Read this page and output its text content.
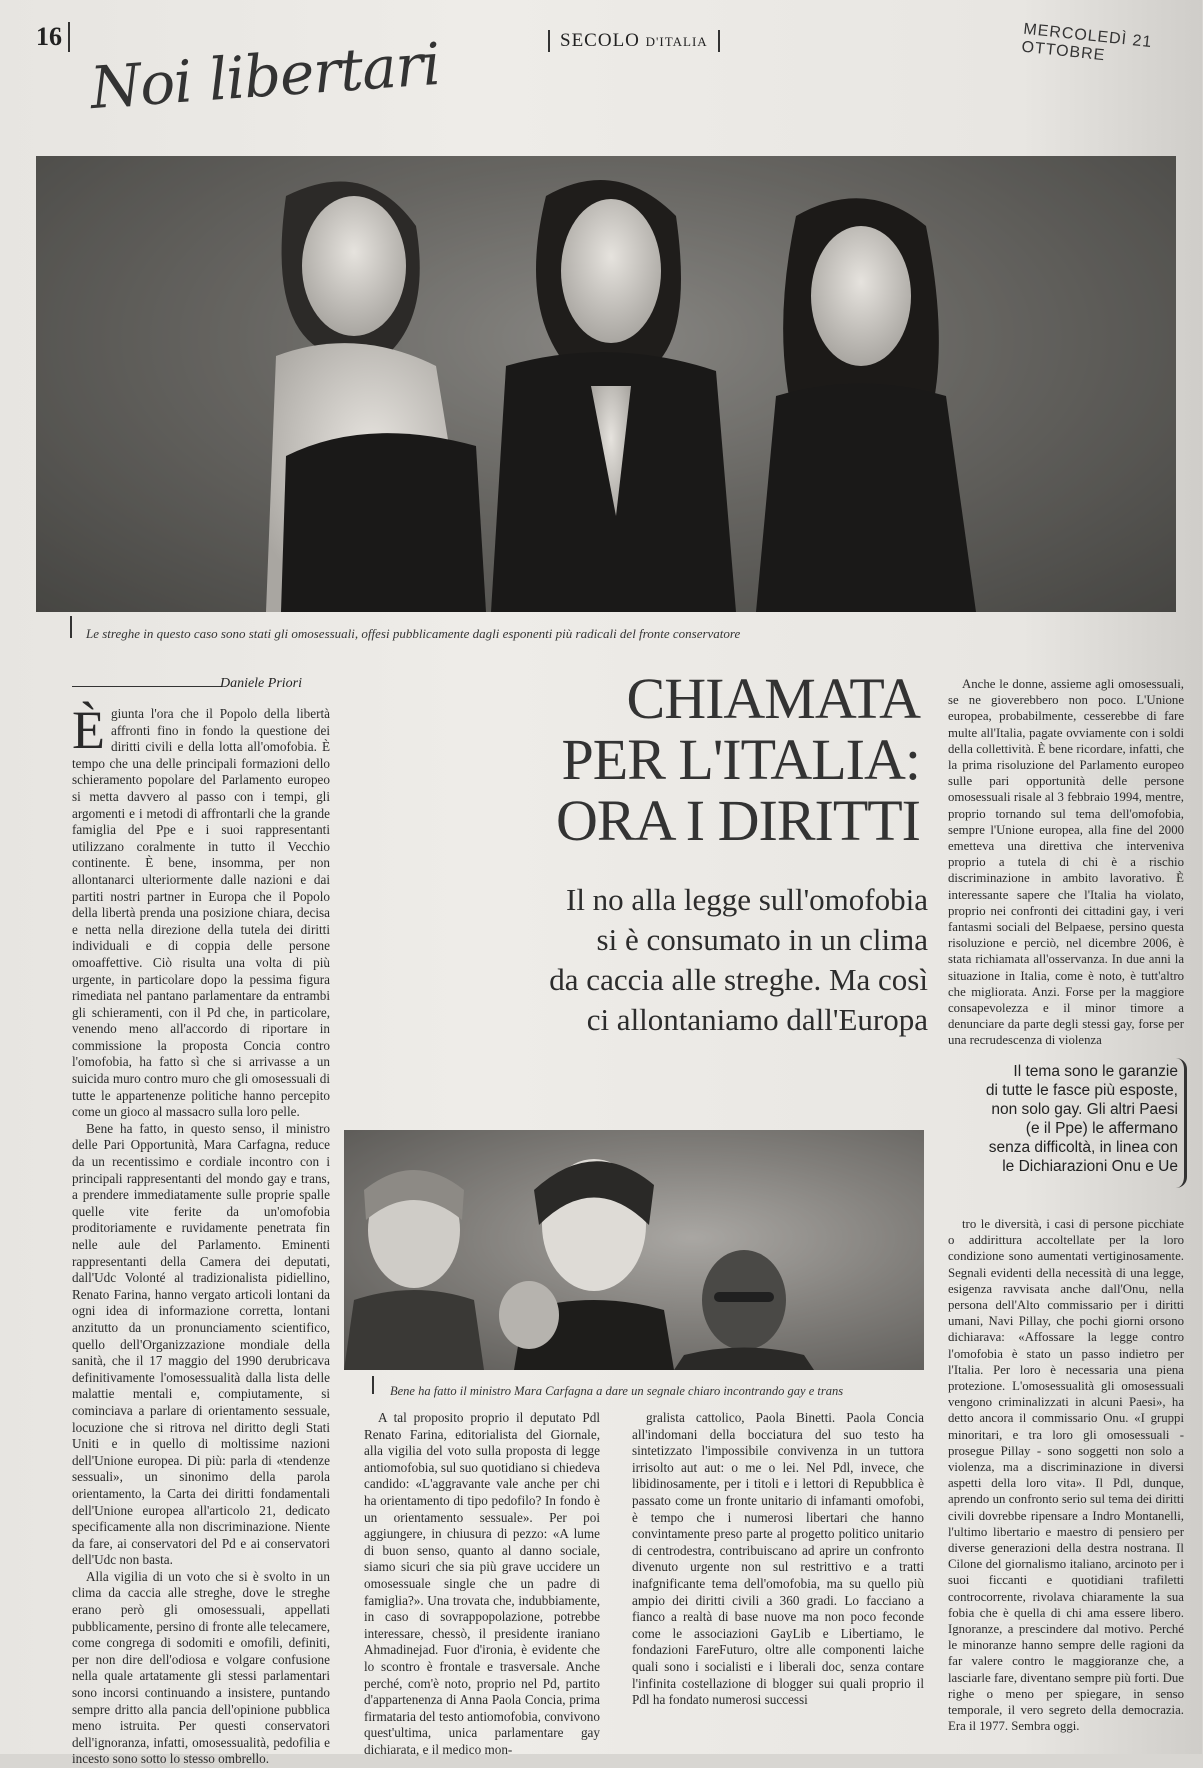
16 Noi libertari	SECOLO D'ITALIA	MERCOLEDÌ 21 OTTOBRE
Le streghe in questo caso sono stati gli omosessuali, offesi pubblicamente dagli esponenti più radicali del fronte conservatore
Daniele Priori

È giunta l'ora che il Popolo della libertà affronti fino in fondo la questione dei diritti civili e della lotta all'omofobia. È tempo che una delle principali formazioni dello schieramento popolare del Parlamento europeo si metta davvero al passo con i tempi, gli argomenti e i metodi di affrontarli che la grande famiglia del Ppe e i suoi rappresentanti utilizzano coralmente in tutto il Vecchio continente. È bene, insomma, per non allontanarci ulteriormente dalle nazioni e dai partiti nostri partner in Europa che il Popolo della libertà prenda una posizione chiara, decisa e netta nella direzione della tutela dei diritti individuali e di coppia delle persone omoaffettive. Ciò risulta una volta di più urgente, in particolare dopo la pessima figura rimediata nel pantano parlamentare da entrambi gli schieramenti, con il Pd che, in particolare, venendo meno all'accordo di riportare in commissione la proposta Concia contro l'omofobia, ha fatto sì che si arrivasse a un suicida muro contro muro che gli omosessuali di tutte le appartenenze politiche hanno percepito come un gioco al massacro sulla loro pelle.

Bene ha fatto, in questo senso, il ministro delle Pari Opportunità, Mara Carfagna, reduce da un recentissimo e cordiale incontro con i principali rappresentanti del mondo gay e trans, a prendere immediatamente sulle proprie spalle quelle vite ferite da un'omofobia proditoriamente e ruvidamente penetrata fin nelle aule del Parlamento. Eminenti rappresentanti della Camera dei deputati, dall'Udc Volonté al tradizionalista pidiellino, Renato Farina, hanno vergato articoli lontani da ogni idea di informazione corretta, lontani anzitutto da un pronunciamento scientifico, quello dell'Organizzazione mondiale della sanità, che il 17 maggio del 1990 derubricava definitivamente l'omosessualità dalla lista delle malattie mentali e, compiutamente, si cominciava a parlare di orientamento sessuale, locuzione che si ritrova nel diritto degli Stati Uniti e in quello di moltissime nazioni dell'Unione europea. Di più: parla di «tendenze sessuali», un sinonimo della parola orientamento, la Carta dei diritti fondamentali dell'Unione europea all'articolo 21, dedicato specificamente alla non discriminazione. Niente da fare, ai conservatori del Pd e ai conservatori dell'Udc non basta.

Alla vigilia di un voto che si è svolto in un clima da caccia alle streghe, dove le streghe erano però gli omosessuali, appellati pubblicamente, persino di fronte alle telecamere, come congrega di sodomiti e omofili, definiti, per non dire dell'odiosa e volgare confusione nella quale artatamente gli stessi parlamentari sono incorsi continuando a insistere, puntando sempre dritto alla pancia dell'opinione pubblica meno istruita. Per questi conservatori dell'ignoranza, infatti, omosessualità, pedofilia e incesto sono sotto lo stesso ombrello.

CHIAMATA
PER L'ITALIA:
ORA I DIRITTI
Il no alla legge sull'omofobia
si è consumato in un clima
da caccia alle streghe. Ma così
ci allontaniamo dall'Europa

Anche le donne, assieme agli omosessuali, se ne gioverebbero non poco. L'Unione europea, probabilmente, cesserebbe di fare multe all'Italia, pagate ovviamente con i soldi della collettività. È bene ricordare, infatti, che la prima risoluzione del Parlamento europeo sulle pari opportunità delle persone omosessuali risale al 3 febbraio 1994, mentre, proprio tornando sul tema dell'omofobia, sempre l'Unione europea, alla fine del 2000 emetteva una direttiva che interveniva proprio a tutela di chi è a rischio discriminazione in ambito lavorativo. È interessante sapere che l'Italia ha violato, proprio nei confronti dei cittadini gay, i veri fantasmi sociali del Belpaese, persino questa risoluzione e perciò, nel dicembre 2006, è stata richiamata all'osservanza. In due anni la situazione in Italia, come è noto, è tutt'altro che migliorata. Anzi. Forse per la maggiore consapevolezza e il minor timore a denunciare da parte degli stessi gay, forse per una recrudescenza di violenza

Il tema sono le garanzie
di tutte le fasce più esposte,
non solo gay. Gli altri Paesi
(e il Ppe) le affermano
senza difficoltà, in linea con
le Dichiarazioni Onu e Ue
Bene ha fatto il ministro Mara Carfagna a dare un segnale chiaro incontrando gay e trans

A tal proposito proprio il deputato Pdl Renato Farina, editorialista del Giornale, alla vigilia del voto sulla proposta di legge antiomofobia, sul suo quotidiano si chiedeva candido: «L'aggravante vale anche per chi ha orientamento di tipo pedofilo? In fondo è un orientamento sessuale». Per poi aggiungere, in chiusura di pezzo: «A lume di buon senso, quanto al danno sociale, siamo sicuri che sia più grave uccidere un omosessuale single che un padre di famiglia?». Una trovata che, indubbiamente, in caso di sovrappopolazione, potrebbe interessare, chessò, il presidente iraniano Ahmadinejad. Fuor d'ironia, è evidente che lo scontro è frontale e trasversale. Anche perché, com'è noto, proprio nel Pd, partito d'appartenenza di Anna Paola Concia, prima firmataria del testo antiomofobia, convivono quest'ultima, unica parlamentare gay dichiarata, e il medico mon-

gralista cattolico, Paola Binetti. Paola Concia all'indomani della bocciatura del suo testo ha sintetizzato l'impossibile convivenza in un tuttora irrisolto aut aut: o me o lei. Nel Pdl, invece, che libidinosamente, per i titoli e i lettori di Repubblica è passato come un fronte unitario di infamanti omofobi, è tempo che i numerosi libertari che hanno convintamente preso parte al progetto politico unitario di centrodestra, contribuiscano ad aprire un confronto divenuto urgente non sul restrittivo e a tratti inafgnificante tema dell'omofobia, ma su quello più ampio dei diritti civili a 360 gradi. Lo facciano a fianco a realtà di base nuove ma non poco feconde come le associazioni GayLib e Libertiamo, le fondazioni FareFuturo, oltre alle componenti laiche quali sono i socialisti e i liberali doc, senza contare l'infinita costellazione di blogger sui quali proprio il Pdl ha fondato numerosi successi

tro le diversità, i casi di persone picchiate o addirittura accoltellate per la loro condizione sono aumentati vertiginosamente. Segnali evidenti della necessità di una legge, esigenza ravvisata anche dall'Onu, nella persona dell'Alto commissario per i diritti umani, Navi Pillay, che pochi giorni orsono dichiarava: «Affossare la legge contro l'omofobia è stato un passo indietro per l'Italia. Per loro è necessaria una piena protezione. L'omosessualità gli omosessuali vengono criminalizzati in alcuni Paesi», ha detto ancora il commissario Onu. «I gruppi minoritari, e tra loro gli omosessuali - prosegue Pillay - sono soggetti non solo a violenza, ma a discriminazione in diversi aspetti della loro vita». Il Pdl, dunque, aprendo un confronto serio sul tema dei diritti civili dovrebbe ripensare a Indro Montanelli, l'ultimo libertario e maestro di pensiero per diverse generazioni della destra nostrana. Il Cilone del giornalismo italiano, arcinoto per i suoi ficcanti e quotidiani trafiletti controcorrente, rivolava chiaramente la sua fobia che è quella di chi ama essere libero. Ignoranze, a prescindere dal motivo. Perché le minoranze hanno sempre delle ragioni da far valere contro le maggioranze che, a lasciarle fare, diventano sempre più forti. Due righe o meno per spiegare, in senso temporale, il vero segreto della democrazia. Era il 1977. Sembra oggi.
